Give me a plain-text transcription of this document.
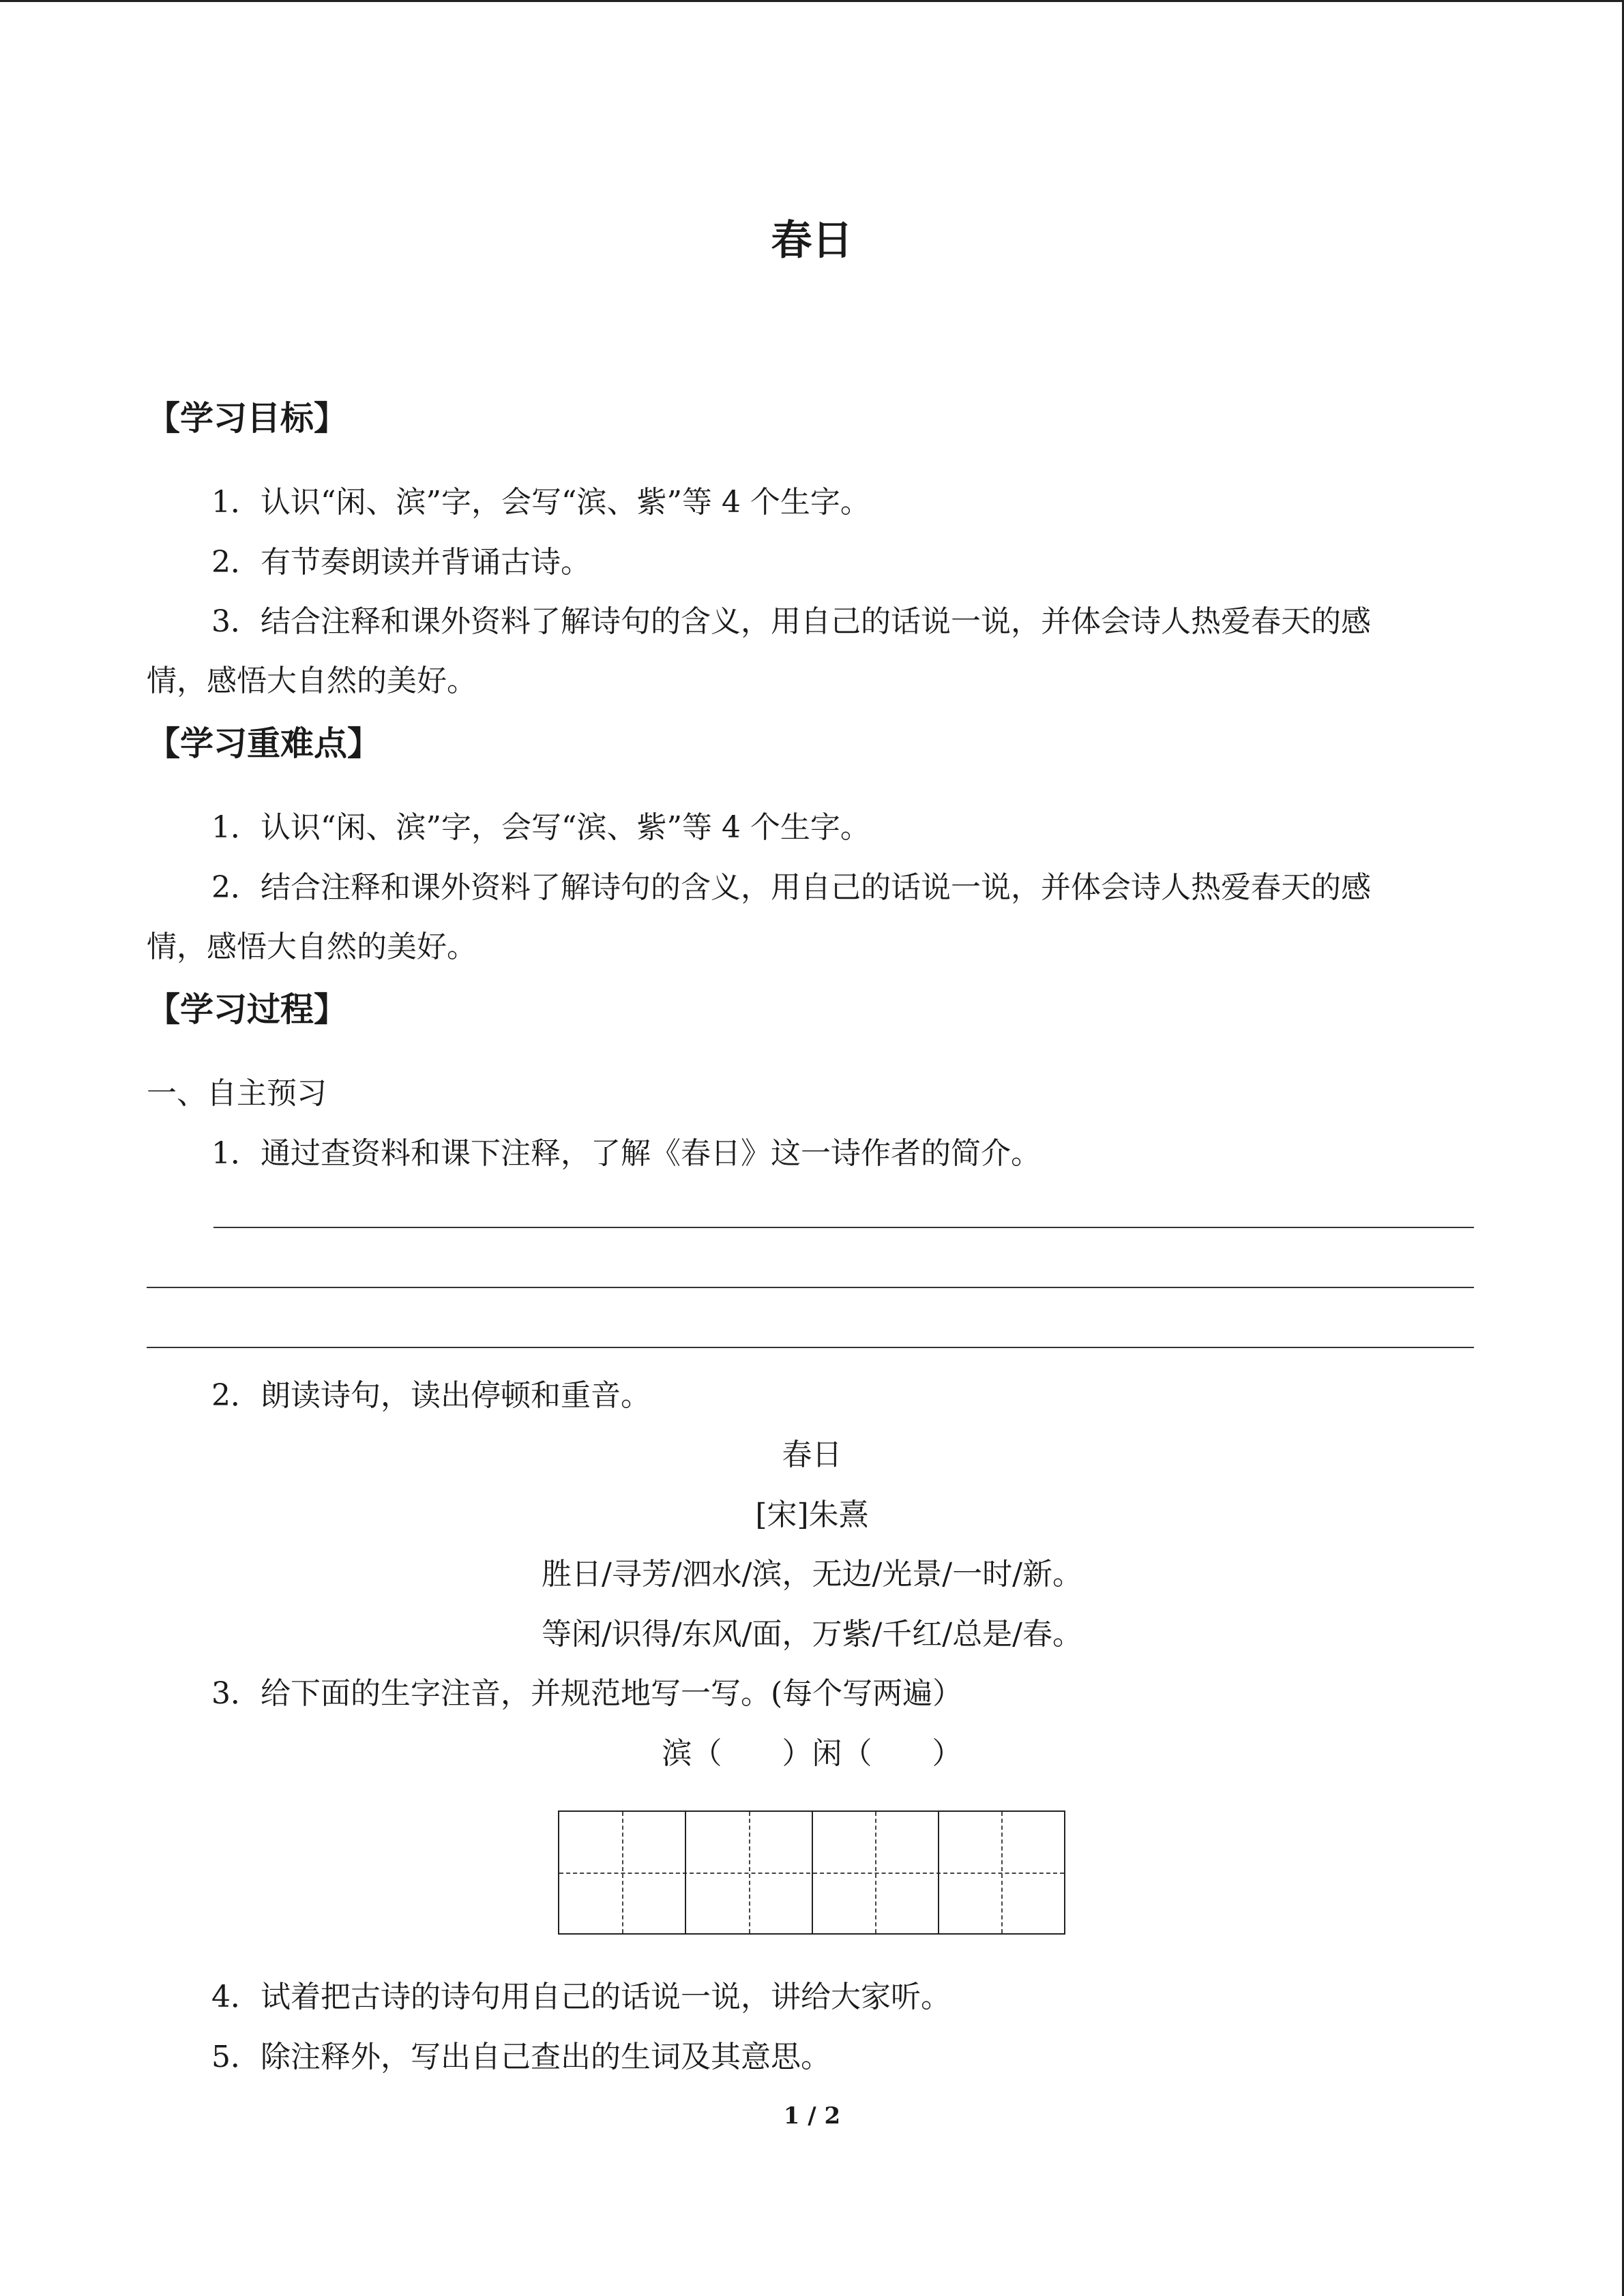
春日
【学习目标】
1．认识“闲、滨”字，会写“滨、紫”等 4 个生字。
2．有节奏朗读并背诵古诗。
3．结合注释和课外资料了解诗句的含义，用自己的话说一说，并体会诗人热爱春天的感
情，感悟大自然的美好。
【学习重难点】
1．认识“闲、滨”字，会写“滨、紫”等 4 个生字。
2．结合注释和课外资料了解诗句的含义，用自己的话说一说，并体会诗人热爱春天的感
情，感悟大自然的美好。
【学习过程】
一、自主预习
1．通过查资料和课下注释，了解《春日》这一诗作者的简介。
2．朗读诗句，读出停顿和重音。
春日
[宋]朱熹
胜日/寻芳/泗水/滨，无边/光景/一时/新。
等闲/识得/东风/面，万紫/千红/总是/春。
3．给下面的生字注音，并规范地写一写。(每个写两遍）
滨（　　）闲（　　）
4．试着把古诗的诗句用自己的话说一说，讲给大家听。
5．除注释外，写出自己查出的生词及其意思。
1 / 2
